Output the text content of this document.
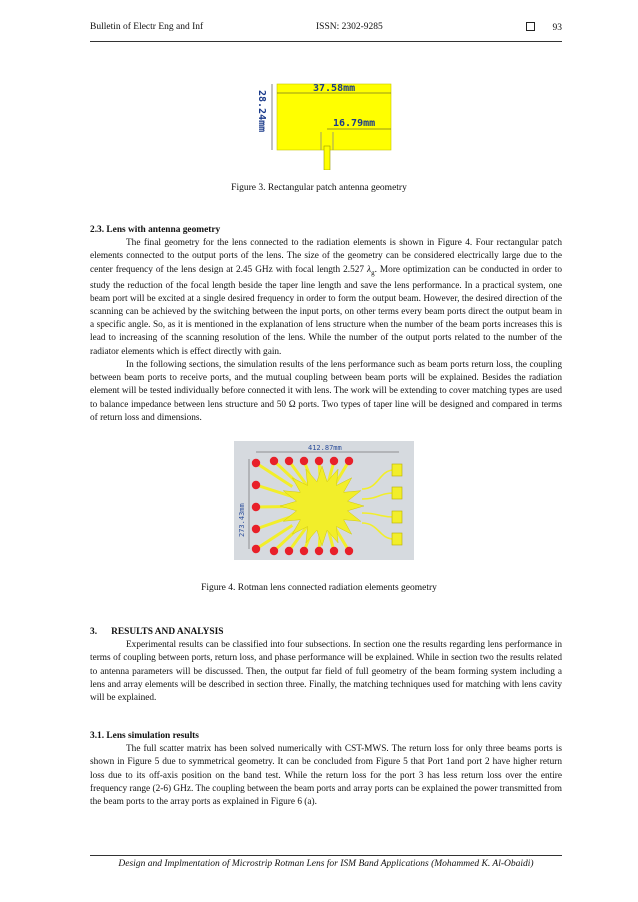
Bulletin of Electr Eng and Inf	ISSN: 2302-9285	93
37.58mm
16.79mm
28.24mm
Figure 3. Rectangular patch antenna geometry
2.3. Lens with antenna geometry

The final geometry for the lens connected to the radiation elements is shown in Figure 4. Four rectangular patch elements connected to the output ports of the lens. The size of the geometry can be considered electrically large due to the center frequency of the lens design at 2.45 GHz with focal length 2.527 $\lambda_g$. More optimization can be conducted in order to study the reduction of the focal length beside the taper line length and save the lens performance. In a practical system, one beam port will be excited at a single desired frequency in order to form the output beam. However, the desired direction of the scanning can be achieved by the switching between the input ports, on other terms every beam ports direct the output beam in a specific angle. So, as it is mentioned in the explanation of lens structure when the number of the beam ports increases this is lead to increasing of the scanning resolution of the lens. While the number of the output ports related to the number of the radiator elements which is effect directly with gain.

In the following sections, the simulation results of the lens performance such as beam ports return loss, the coupling between beam ports to receive ports, and the mutual coupling between beam ports will be explained. Besides the radiation element will be tested individually before connected it with lens. The work will be extending to cover matching types are used to balance impedance between lens structure and 50 Ω ports. Two types of taper line will be designed and compared in terms of return loss and dimensions.

412.87mm
273.43mm
Figure 4. Rotman lens connected radiation elements geometry
3.      RESULTS AND ANALYSIS

Experimental results can be classified into four subsections. In section one the results regarding lens performance in terms of coupling between ports, return loss, and phase performance will be explained. While in section two the results related to antenna parameters will be discussed. Then, the output far field of full geometry of the beam forming system including a lens and array elements will be described in section three. Finally, the matching techniques used for matching with lens cavity will be explained.

3.1. Lens simulation results

The full scatter matrix has been solved numerically with CST-MWS. The return loss for only three beams ports is shown in Figure 5 due to symmetrical geometry. It can be concluded from Figure 5 that Port 1and port 2 have higher return loss due to its off-axis position on the band test. While the return loss for the port 3 has less return loss over the entire frequency range (2-6) GHz. The coupling between the beam ports and array ports can be explained the power transmitted from the beam ports to the array ports as explained in Figure 6 (a).

Design and Implmentation of Microstrip Rotman Lens for ISM Band Applications (Mohammed K. Al-Obaidi)
